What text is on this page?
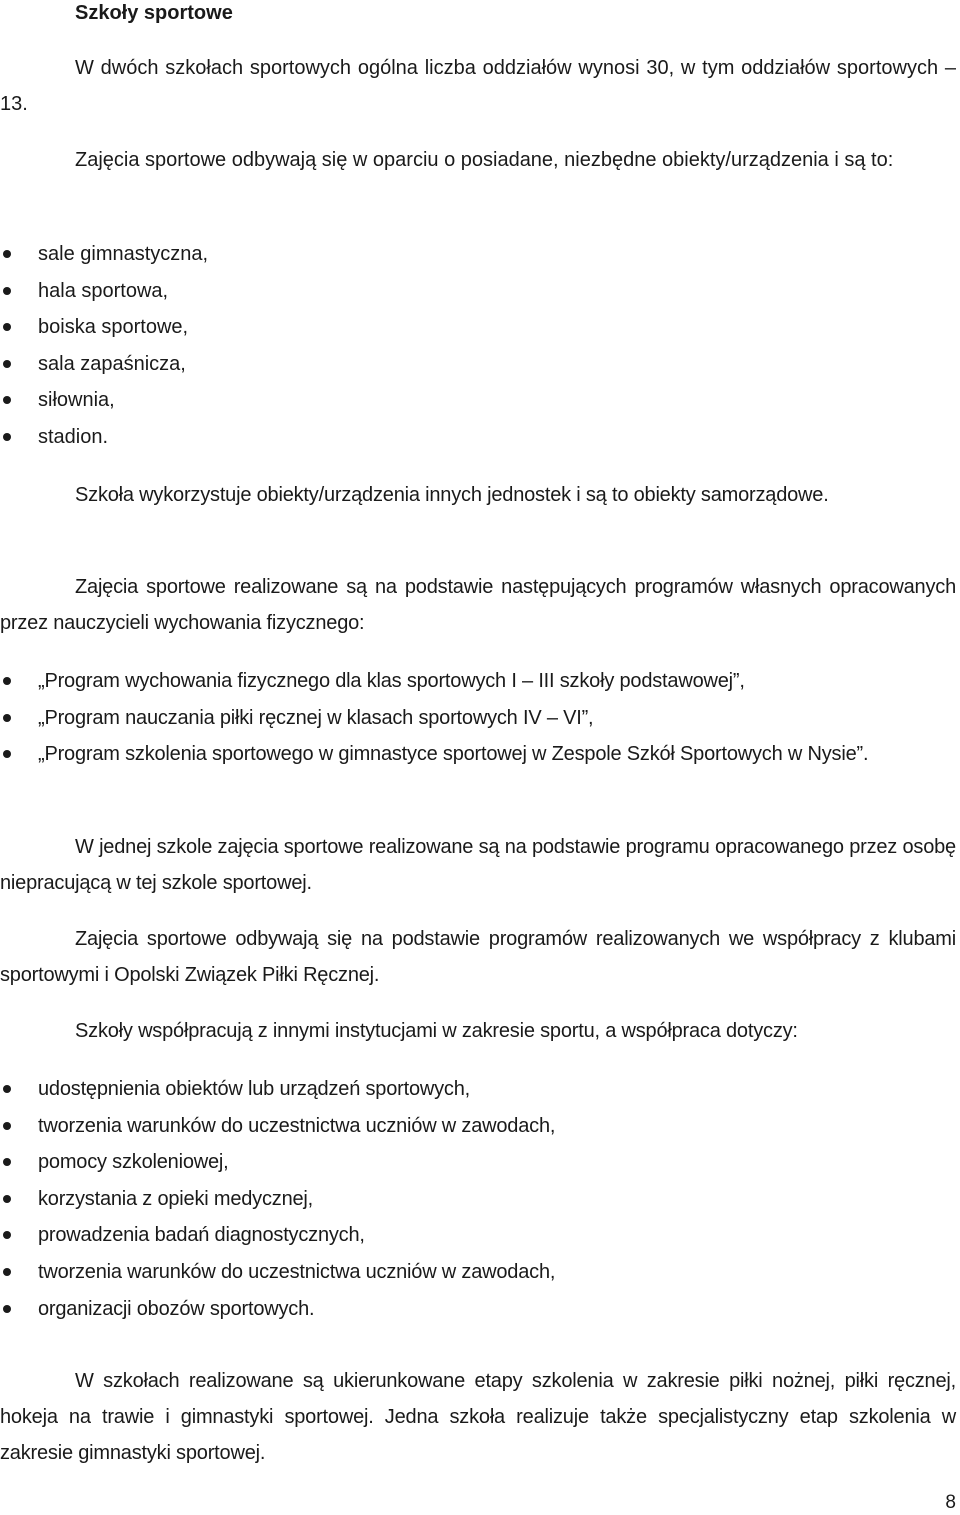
Szkoły sportowe

W dwóch szkołach sportowych ogólna liczba oddziałów wynosi 30, w tym oddziałów sportowych – 13.

Zajęcia sportowe odbywają się w oparciu o posiadane, niezbędne obiekty/urządzenia i są to:

sale gimnastyczna,
hala sportowa,
boiska sportowe,
sala zapaśnicza,
siłownia,
stadion.

Szkoła wykorzystuje obiekty/urządzenia innych jednostek i są to obiekty samorządowe.

Zajęcia sportowe realizowane są na podstawie następujących programów własnych opracowanych przez nauczycieli wychowania fizycznego:

„Program wychowania fizycznego dla klas sportowych I – III szkoły podstawowej”,
„Program nauczania piłki ręcznej w klasach sportowych IV – VI”,
„Program szkolenia sportowego w gimnastyce sportowej w Zespole Szkół Sportowych w Nysie”.

W jednej szkole zajęcia sportowe realizowane są na podstawie programu opracowanego przez osobę niepracującą w tej szkole sportowej.

Zajęcia sportowe odbywają się na podstawie programów realizowanych we współpracy z klubami sportowymi i Opolski Związek Piłki Ręcznej.

Szkoły współpracują z innymi instytucjami w zakresie sportu, a współpraca dotyczy:

udostępnienia obiektów lub urządzeń sportowych,
tworzenia warunków do uczestnictwa uczniów w zawodach,
pomocy szkoleniowej,
korzystania z opieki medycznej,
prowadzenia badań diagnostycznych,
tworzenia warunków do uczestnictwa uczniów w zawodach,
organizacji obozów sportowych.

W szkołach realizowane są ukierunkowane etapy szkolenia w zakresie piłki nożnej, piłki ręcznej, hokeja na trawie i gimnastyki sportowej. Jedna szkoła realizuje także specjalistyczny etap szkolenia w zakresie gimnastyki sportowej.

8
